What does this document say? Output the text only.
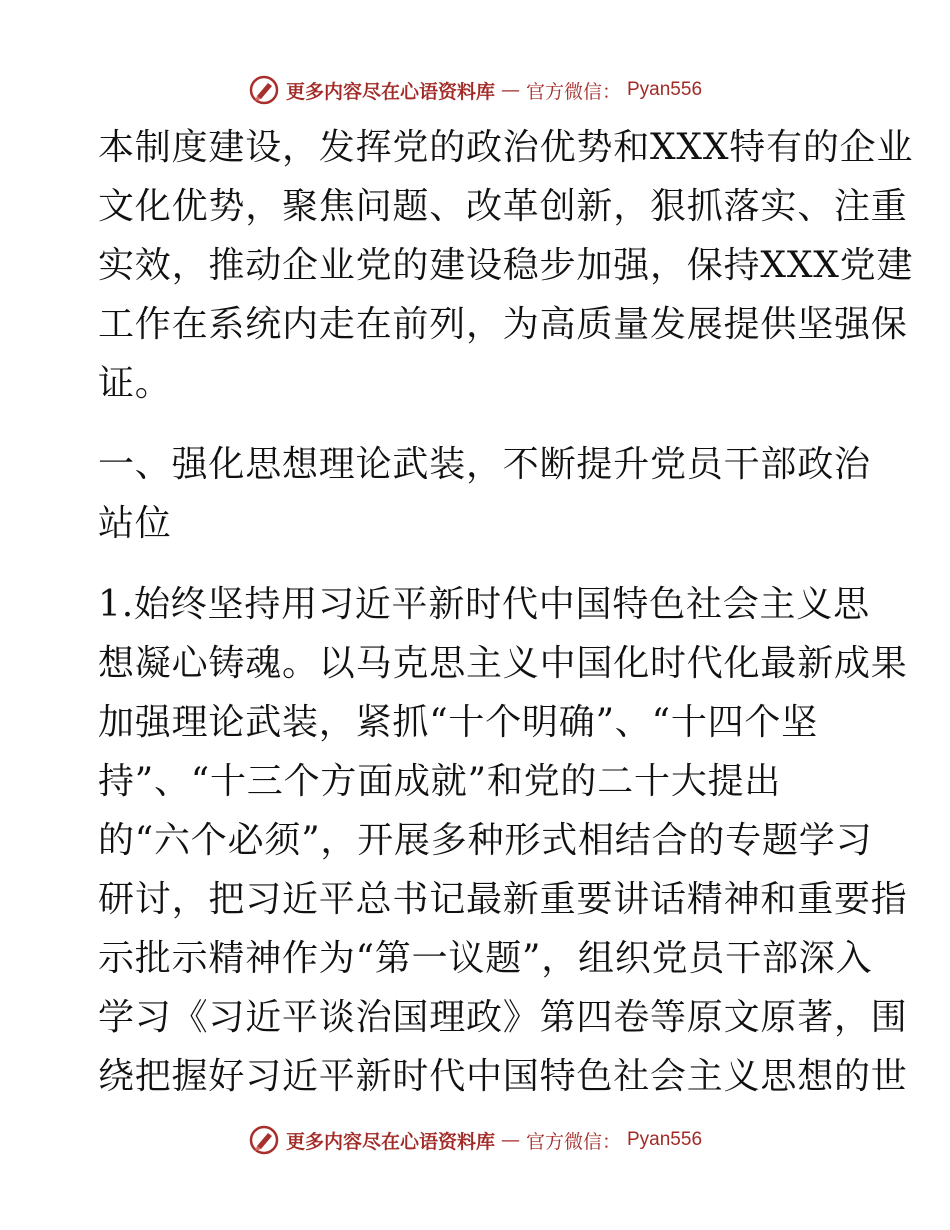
更多内容尽在心语资料库 — 官方微信： Pyan556
本制度建设，发挥党的政治优势和XXX特有的企业
文化优势，聚焦问题、改革创新，狠抓落实、注重
实效，推动企业党的建设稳步加强，保持XXX党建
工作在系统内走在前列，为高质量发展提供坚强保
证。
一、强化思想理论武装，不断提升党员干部政治
站位
1.始终坚持用习近平新时代中国特色社会主义思
想凝心铸魂。以马克思主义中国化时代化最新成果
加强理论武装，紧抓“十个明确”、“十四个坚
持”、“十三个方面成就”和党的二十大提出
的“六个必须”，开展多种形式相结合的专题学习
研讨，把习近平总书记最新重要讲话精神和重要指
示批示精神作为“第一议题”，组织党员干部深入
学习《习近平谈治国理政》第四卷等原文原著，围
绕把握好习近平新时代中国特色社会主义思想的世
更多内容尽在心语资料库 — 官方微信： Pyan556
